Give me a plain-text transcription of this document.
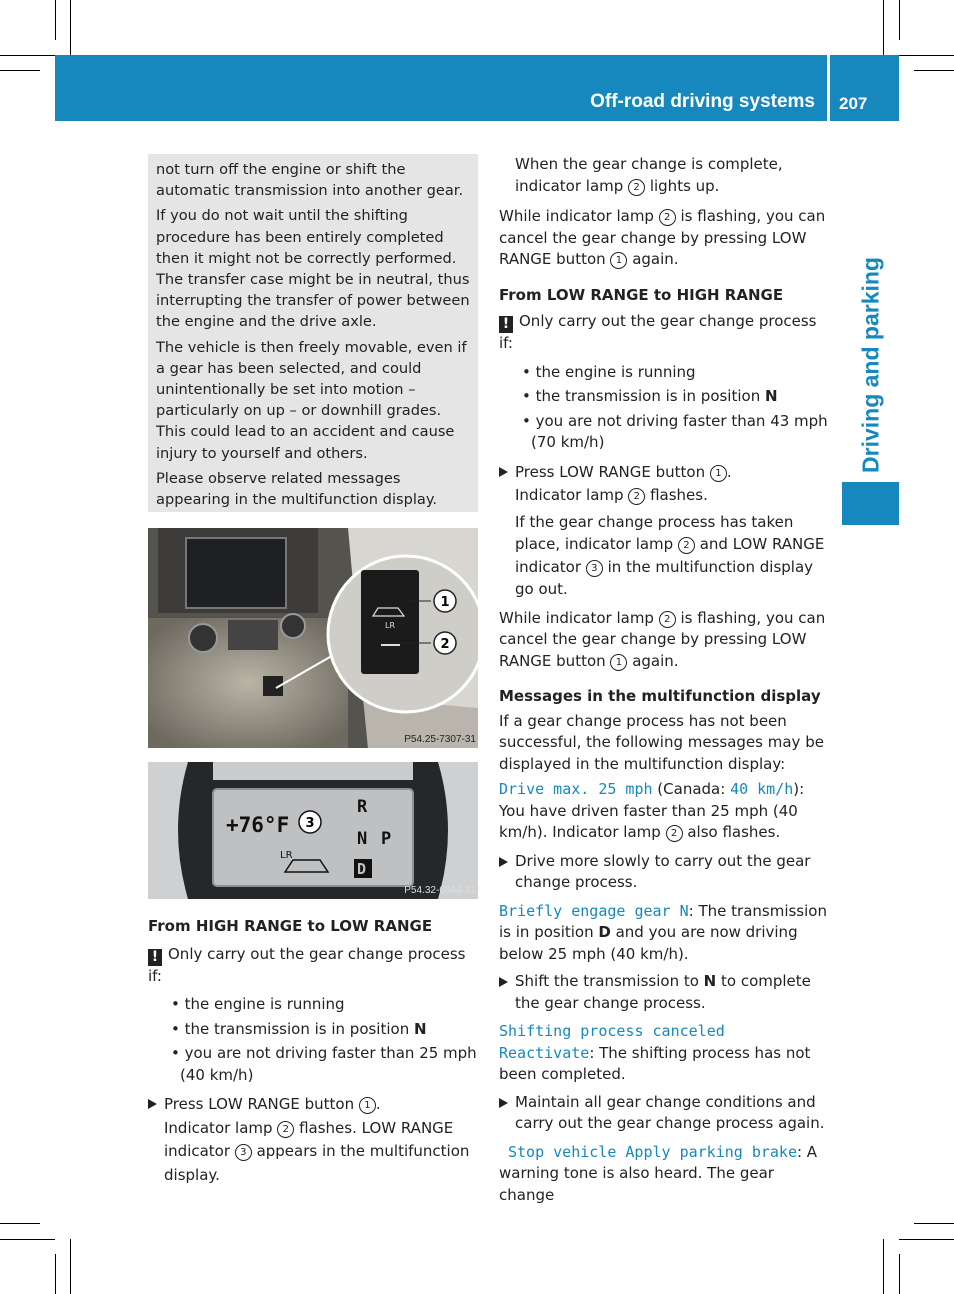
Off-road driving systems 207
Driving and parking

not turn off the engine or shift the automatic transmission into another gear.

If you do not wait until the shifting procedure has been entirely completed then it might not be correctly performed. The transfer case might be in neutral, thus interrupting the transfer of power between the engine and the drive axle.

The vehicle is then freely movable, even if a gear has been selected, and could unintentionally be set into motion – particularly on up – or downhill grades. This could lead to an accident and cause injury to yourself and others.

Please observe related messages appearing in the multifunction display.

LR
1
2
P54.25-7307-31
+76°F
LR
R
N P
D
3
P54.32-6644-31

From HIGH RANGE to LOW RANGE

! Only carry out the gear change process if:

• the engine is running

• the transmission is in position N

• you are not driving faster than 25 mph (40 km/h)

Press LOW RANGE button 1 .
Indicator lamp 2 flashes. LOW RANGE indicator 3 appears in the multifunction display.

When the gear change is complete, indicator lamp 2 lights up.

While indicator lamp 2 is flashing, you can cancel the gear change by pressing LOW RANGE button 1 again.

From LOW RANGE to HIGH RANGE

! Only carry out the gear change process if:

• the engine is running

• the transmission is in position N

• you are not driving faster than 43 mph (70 km/h)

Press LOW RANGE button 1 .
Indicator lamp 2 flashes.

If the gear change process has taken place, indicator lamp 2 and LOW RANGE indicator 3 in the multifunction display go out.

While indicator lamp 2 is flashing, you can cancel the gear change by pressing LOW RANGE button 1 again.

Messages in the multifunction display

If a gear change process has not been successful, the following messages may be displayed in the multifunction display:

Drive max. 25 mph (Canada: 40 km/h): You have driven faster than 25 mph (40 km/h). Indicator lamp 2 also flashes.

Drive more slowly to carry out the gear change process.

Briefly engage gear N: The transmission is in position D and you are now driving below 25 mph (40 km/h).

Shift the transmission to N to complete the gear change process.

Shifting process canceled
Reactivate: The shifting process has not been completed.

Maintain all gear change conditions and carry out the gear change process again.

Stop vehicle Apply parking brake: A warning tone is also heard. The gear change
